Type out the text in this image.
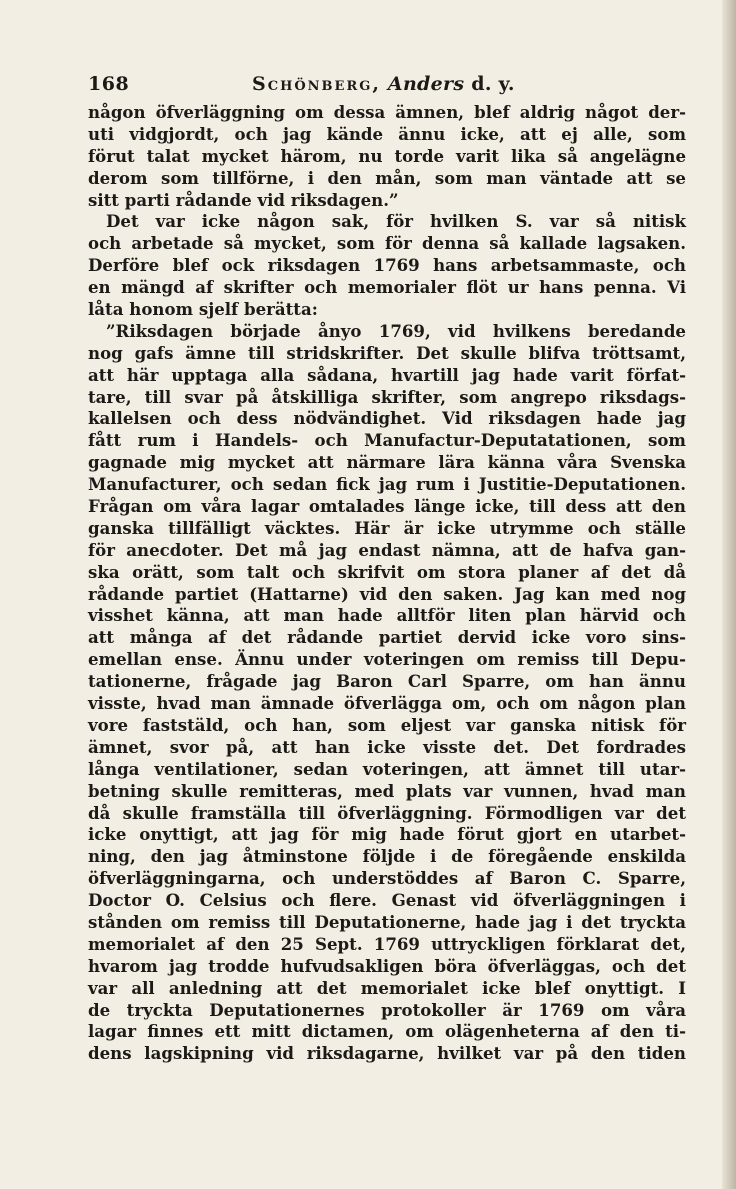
168	Schönberg, Anders d. y.
någon öfverläggning om dessa ämnen, blef aldrig något der-
uti vidgjordt, och jag kände ännu icke, att ej alle, som
förut talat mycket härom, nu torde varit lika så angelägne
derom som tillförne, i den mån, som man väntade att se
sitt parti rådande vid riksdagen.”
Det var icke någon sak, för hvilken S. var så nitisk
och arbetade så mycket, som för denna så kallade lagsaken.
Derföre blef ock riksdagen 1769 hans arbetsammaste, och
en mängd af skrifter och memorialer flöt ur hans penna. Vi
låta honom sjelf berätta:
”Riksdagen började ånyo 1769, vid hvilkens beredande
nog gafs ämne till stridskrifter. Det skulle blifva tröttsamt,
att här upptaga alla sådana, hvartill jag hade varit förfat-
tare, till svar på åtskilliga skrifter, som angrepo riksdags-
kallelsen och dess nödvändighet. Vid riksdagen hade jag
fått rum i Handels- och Manufactur-Deputatationen, som
gagnade mig mycket att närmare lära känna våra Svenska
Manufacturer, och sedan fick jag rum i Justitie-Deputationen.
Frågan om våra lagar omtalades länge icke, till dess att den
ganska tillfälligt väcktes. Här är icke utrymme och ställe
för anecdoter. Det må jag endast nämna, att de hafva gan-
ska orätt, som talt och skrifvit om stora planer af det då
rådande partiet (Hattarne) vid den saken. Jag kan med nog
visshet känna, att man hade alltför liten plan härvid och
att många af det rådande partiet dervid icke voro sins-
emellan ense. Ännu under voteringen om remiss till Depu-
tationerne, frågade jag Baron Carl Sparre, om han ännu
visste, hvad man ämnade öfverlägga om, och om någon plan
vore faststäld, och han, som eljest var ganska nitisk för
ämnet, svor på, att han icke visste det. Det fordrades
långa ventilationer, sedan voteringen, att ämnet till utar-
betning skulle remitteras, med plats var vunnen, hvad man
då skulle framställa till öfverläggning. Förmodligen var det
icke onyttigt, att jag för mig hade förut gjort en utarbet-
ning, den jag åtminstone följde i de föregående enskilda
öfverläggningarna, och understöddes af Baron C. Sparre,
Doctor O. Celsius och flere. Genast vid öfverläggningen i
stånden om remiss till Deputationerne, hade jag i det tryckta
memorialet af den 25 Sept. 1769 uttryckligen förklarat det,
hvarom jag trodde hufvudsakligen böra öfverläggas, och det
var all anledning att det memorialet icke blef onyttigt. I
de tryckta Deputationernes protokoller är 1769 om våra
lagar finnes ett mitt dictamen, om olägenheterna af den ti-
dens lagskipning vid riksdagarne, hvilket var på den tiden
